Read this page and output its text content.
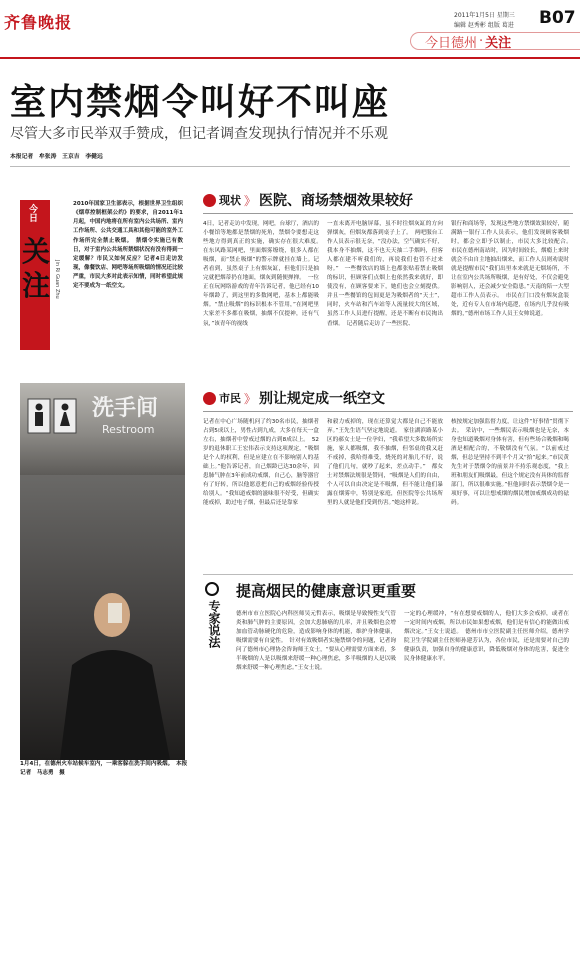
齐鲁晚报	2011年1月5日 星期三
编辑 赵秀彬 组版 葛进 B07
今日德州 · 关注
室内禁烟令叫好不叫座
尽管大多市民举双手赞成，但记者调查发现执行情况并不乐观
本报记者　牟张涛　王京吉　李健远
今日
关
注 Jin Ri Guan Zhu
2010年国家卫生部表示，根据世界卫生组织《烟草控制框架公约》的要求，自2011年1月起，中国内地将在所有室内公共场所、室内工作场所、公共交通工具和其他可能的室外工作场所完全禁止吸烟。　禁烟令实施已有数日，对于室内公共场所禁烟状况有没有得到一定缓解？市民又如何反应？记者4日走访发现，像餐饮店、网吧等场所吸烟的情况还比较严重，市民大多对此表示知情，同时希望此规定不要成为一纸空文。
洗手间
Restroom
1月4日，在德州火车站候车室内，一乘客躲在洗手间内吸烟。　本报记者　马志勇　摄
现状 》 医院、商场禁烟效果较好
4日，记者走访中发现，网吧，台球厅，酒店的小餐馆等地都是禁烟的死角，禁烟令要想走这些地方得到真正的实施，确实存在很大难度。　在东风路某网吧，里面烟雾缭绕，很多人都在吸烟，而“禁止吸烟”的警示牌就挂在墙上。记者看到，虽然桌子上有烟灰缸，但他们只是抽完就把烟蒂扔在地面，烟灰到随便掸掸。　一位正在玩网络游戏的青年告诉记者，他已经有10年烟龄了，到这里的多数网吧，基本上都能吸烟。“禁止吸烟”的标识根本不管用，”在网吧里大家差不多都在吸烟，抽烟不仅提神，还有气氛，”该青年的视线
一直未离开电脑屏幕，虽不时往烟灰缸的方向弹烟灰，但烟灰都落到桌子上了。　两吧服台工作人员表示很无奈，“没办法，空气确实不好，我本身不抽烟，这不也天天抽二手烟吗，但客人都在建不听我们的，再说我们也管不过来呀。”　一些餐饮店的墙上也都张贴着禁止吸烟的标识，但顾客们点烟上也依然我来就好，即使没有，在顾客要来下，她们也会立刻提供。并且一些餐馆的包间更是为吸烟者的“天土”，同时，火车站和汽车站等人流量较大的区域，虽然工作人员进行提醒，还是不断有市民掏出香烟。　记者随后走访了一些医院、
银行和商场等，发现这些地方禁烟效果较好，随满路一银行工作人员表示，他们发现顾客吸烟时，都会立即予以制止，市民大多比较配合。　市民在德州南站时，因为时间较长，烟瘾上来时就会不由自主地抽出烟来，而工作人员则劝说时就是提醒市民“我们出里本来就是无烟场所，不让在室内公共场所吸烟，是有好处，不仅会避免影响别人，还会减少安全隐患。”天南的陪一大型超市工作人员表示。　市民在门口没有烟灰盒装处，近有专人在市场内巡逻，在场内几乎没有吸烟的，”德州市场工作人员王女帅说道。
市民 》 别让规定成一纸空文
记者在中心广场随机问了约30名市民，抽烟者占到5成以上，男性占到九成，大多在每天一盒左右，抽烟者中曾戒过烟的占到8成以上。　52岁的退休职工王宏伟表示支持这项规定，“吸烟是个人的权利，但是应建立在不影响别人的基础上。”他告诉记者，自己烟龄已达30余年，因患肺气肿在3年前成功戒烟，自己心，脑等器官有了好转，所以他愿意把自己的戒烟经验传授给别人。“我知道戒烟的滋味很不好受，但确实能戒掉，助过电子烟，但最后还是靠家
和毅力戒掉的，现在还算觉大都是自己不能放弃。”王先生语气坚定地说道。　家住湖滨路某小区的郝女士是一位孕妇，“我希望大多数场所实施，家人都吸烟，我不抽烟，但邻桌的我又赶不戒掉，我哈得难受，烧死的对胎儿不好，说了他们几句，就吵了起来，差点动手。”　都女士对禁烟法规很是赞同，“吸烟是人们的自由，个人可以自由决定是不吸烟，但不能让他们暴露在烟雾中，特别是家庭，但医院等公共场所里的人就是他们受到伤害。”她这样说。
核按规定加强监督力度，让这件“好事情”贯彻下去。　采访中，一些烟民表示吸烟也是无奈，本身也知道吸烟对身体有害，但有些场合吸烟和喝酒是相配合的，不敬烟没有气氛。“以前戒过烟，但总是坚持不到半个月又“拾”起来。”市民黄先生对于禁烟令的前景并不持乐观态度，“我上班和朋友们吸烟最，但这个规定没有具体的监督部门，所以很难实施。”但他同时表示禁烟令是一项好事，可以让想戒烟的烟民增加戒烟成功的砝码。
专家说法
提高烟民的健康意识更重要
德州市市立医院心内科医师吴元哲表示，吸烟是导致慢性支气管炎和肺气肿的主要原因，会加大患肺癌的几率，并且吸烟也会增加血管动脉硬化的危险，造成影响身体的机能，维护身体健康，吸烟需要有自觉性。　针对有效吸烟者实施禁烟令的问题，记者询问了德州市心理协会咨询师王女士，“要从心理需要方面来看，多半吸烟的人是以吸烟来舒缓一种心理焦虑，多半吸烟的人是以吸烟来舒缓一种心理焦虑。”王女士说。
一定的心理缓冲，“有在想要戒烟的人，他们大多会戒掉，或者在一定时间内戒烟，所以市民如果想戒烟，他们是有信心的能做出戒烟决定。”王女士说道。　德州市市立医院副主任医师介绍，德州学院卫生学院副主任医师孙建芳认为，各位市民，还是需要对自己的健康负责，加强自身的健康意识，降低吸烟对身体的危害，促进全民身体健康水平。
